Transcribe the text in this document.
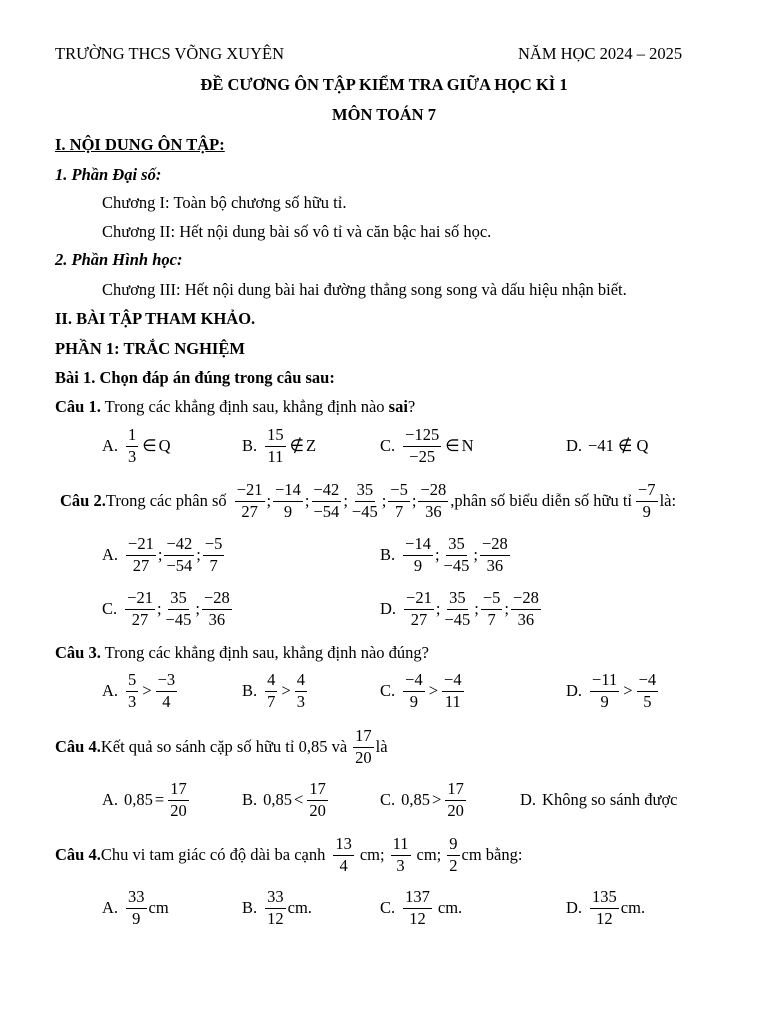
TRƯỜNG THCS VÕNG XUYÊN	NĂM HỌC 2024 – 2025
ĐỀ CƯƠNG ÔN TẬP KIỂM TRA GIỮA HỌC KÌ 1
MÔN TOÁN 7
I. NỘI DUNG ÔN TẬP:
1. Phần Đại số:
Chương I: Toàn bộ chương số hữu tỉ.
Chương II: Hết nội dung bài số vô tỉ và căn bậc hai số học.
2. Phần Hình học:
Chương III: Hết nội dung bài hai đường thẳng song song và dấu hiệu nhận biết.
II. BÀI TẬP THAM KHẢO.
PHẦN 1: TRẮC NGHIỆM
Bài 1. Chọn đáp án đúng trong câu sau:
Câu 1. Trong các khẳng định sau, khẳng định nào sai?
A. $\frac{1}{3}$ ∈ Q	B. $\frac{15}{11}$ ∉ Z	C. $\frac{-125}{-25}$ ∈ N	D. −41 ∉ Q
Câu 2. Trong các phân số $\frac{-21}{27}$ ; $\frac{-14}{9}$ ; $\frac{-42}{-54}$ ; $\frac{35}{-45}$ ; $\frac{-5}{7}$ ; $\frac{-28}{36}$ ,phân số biểu diễn số hữu tỉ $\frac{-7}{9}$ là:
A. $\frac{-21}{27}$ ; $\frac{-42}{-54}$ ; $\frac{-5}{7}$	B. $\frac{-14}{9}$ ; $\frac{35}{-45}$ ; $\frac{-28}{36}$
C. $\frac{-21}{27}$ ; $\frac{35}{-45}$ ; $\frac{-28}{36}$	D. $\frac{-21}{27}$ ; $\frac{35}{-45}$ ; $\frac{-5}{7}$ ; $\frac{-28}{36}$
Câu 3. Trong các khẳng định sau, khẳng định nào đúng?
A. $\frac{5}{3} > \frac{-3}{4}$	B. $\frac{4}{7} > \frac{4}{3}$	C. $\frac{-4}{9} > \frac{-4}{11}$	D. $\frac{-11}{9} > \frac{-4}{5}$
Câu 4. Kết quả so sánh cặp số hữu tỉ 0,85 và $\frac{17}{20}$ là
A. $0,85 = \frac{17}{20}$	B. $0,85 < \frac{17}{20}$	C. $0,85 > \frac{17}{20}$	D. Không so sánh được
Câu 4. Chu vi tam giác có độ dài ba cạnh $\frac{13}{4}$ cm; $\frac{11}{3}$ cm; $\frac{9}{2}$ cm bằng:
A. $\frac{33}{9}$ cm	B. $\frac{33}{12}$ cm.	C. $\frac{137}{12}$ cm.	D. $\frac{135}{12}$ cm.
